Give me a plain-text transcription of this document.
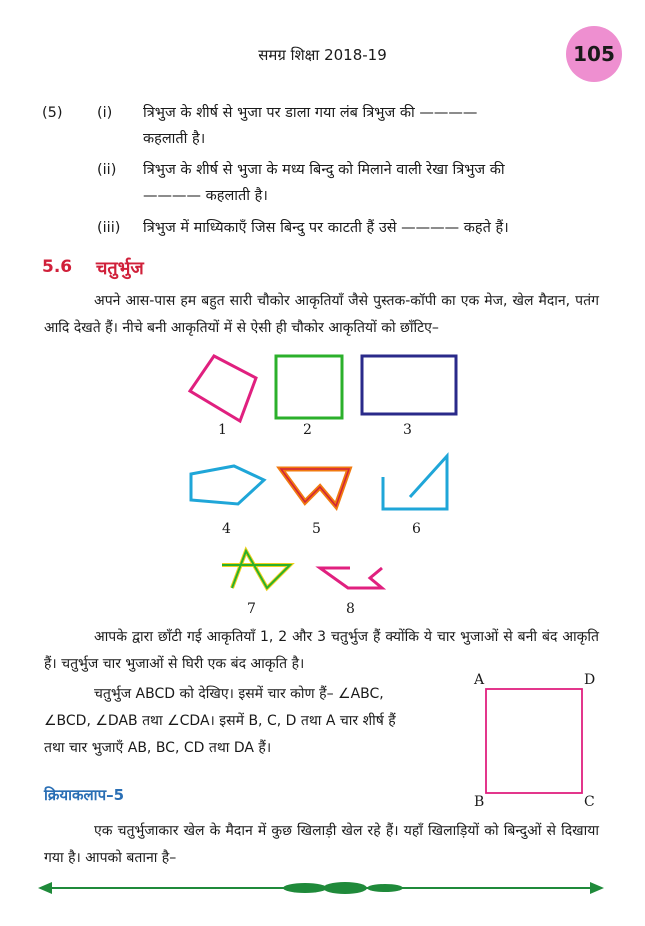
समग्र शिक्षा 2018-19	105
(5) (i) त्रिभुज के शीर्ष से भुजा पर डाला गया लंब त्रिभुज की ————
कहलाती है।
(ii) त्रिभुज के शीर्ष से भुजा के मध्य बिन्दु को मिलाने वाली रेखा त्रिभुज की
———— कहलाती है।
(iii) त्रिभुज में माध्यिकाएँ जिस बिन्दु पर काटती हैं उसे ———— कहते हैं।
5.6 चतुर्भुज
अपने आस-पास हम बहुत सारी चौकोर आकृतियाँ जैसे पुस्तक-कॉपी का एक मेज, खेल मैदान, पतंग आदि देखते हैं। नीचे बनी आकृतियों में से ऐसी ही चौकोर आकृतियों को छाँटिए–
1	2	3
4	5	6
7	8
आपके द्वारा छाँटी गई आकृतियाँ 1, 2 और 3 चतुर्भुज हैं क्योंकि ये चार भुजाओं से बनी बंद आकृति हैं। चतुर्भुज चार भुजाओं से घिरी एक बंद आकृति है।
चतुर्भुज ABCD को देखिए। इसमें चार कोण हैं– ∠ABC,
∠BCD, ∠DAB तथा ∠CDA। इसमें B, C, D तथा A चार शीर्ष हैं
तथा चार भुजाएँ AB, BC, CD तथा DA हैं।
A	D
B	C
क्रियाकलाप–5
एक चतुर्भुजाकार खेल के मैदान में कुछ खिलाड़ी खेल रहे हैं। यहाँ खिलाड़ियों को बिन्दुओं से दिखाया गया है। आपको बताना है–
